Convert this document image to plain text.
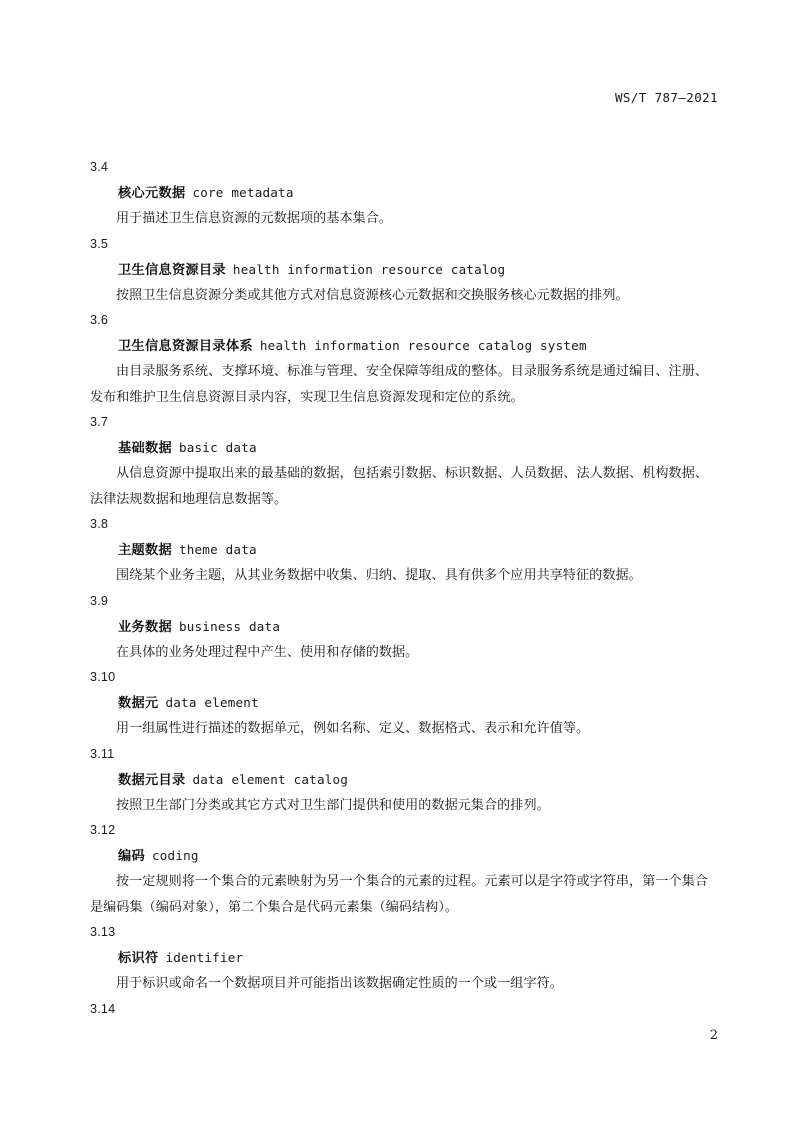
WS/T 787—2021
3.4
核心元数据 core metadata

用于描述卫生信息资源的元数据项的基本集合。

3.5
卫生信息资源目录 health information resource catalog

按照卫生信息资源分类或其他方式对信息资源核心元数据和交换服务核心元数据的排列。

3.6
卫生信息资源目录体系 health information resource catalog system

由目录服务系统、支撑环境、标准与管理、安全保障等组成的整体。目录服务系统是通过编目、注册、发布和维护卫生信息资源目录内容，实现卫生信息资源发现和定位的系统。

3.7
基础数据 basic data

从信息资源中提取出来的最基础的数据，包括索引数据、标识数据、人员数据、法人数据、机构数据、法律法规数据和地理信息数据等。

3.8
主题数据 theme data

围绕某个业务主题，从其业务数据中收集、归纳、提取、具有供多个应用共享特征的数据。

3.9
业务数据 business data

在具体的业务处理过程中产生、使用和存储的数据。

3.10
数据元 data element

用一组属性进行描述的数据单元，例如名称、定义、数据格式、表示和允许值等。

3.11
数据元目录 data element catalog

按照卫生部门分类或其它方式对卫生部门提供和使用的数据元集合的排列。

3.12
编码 coding

按一定规则将一个集合的元素映射为另一个集合的元素的过程。元素可以是字符或字符串，第一个集合是编码集（编码对象），第二个集合是代码元素集（编码结构）。

3.13
标识符 identifier

用于标识或命名一个数据项目并可能指出该数据确定性质的一个或一组字符。

3.14
2
